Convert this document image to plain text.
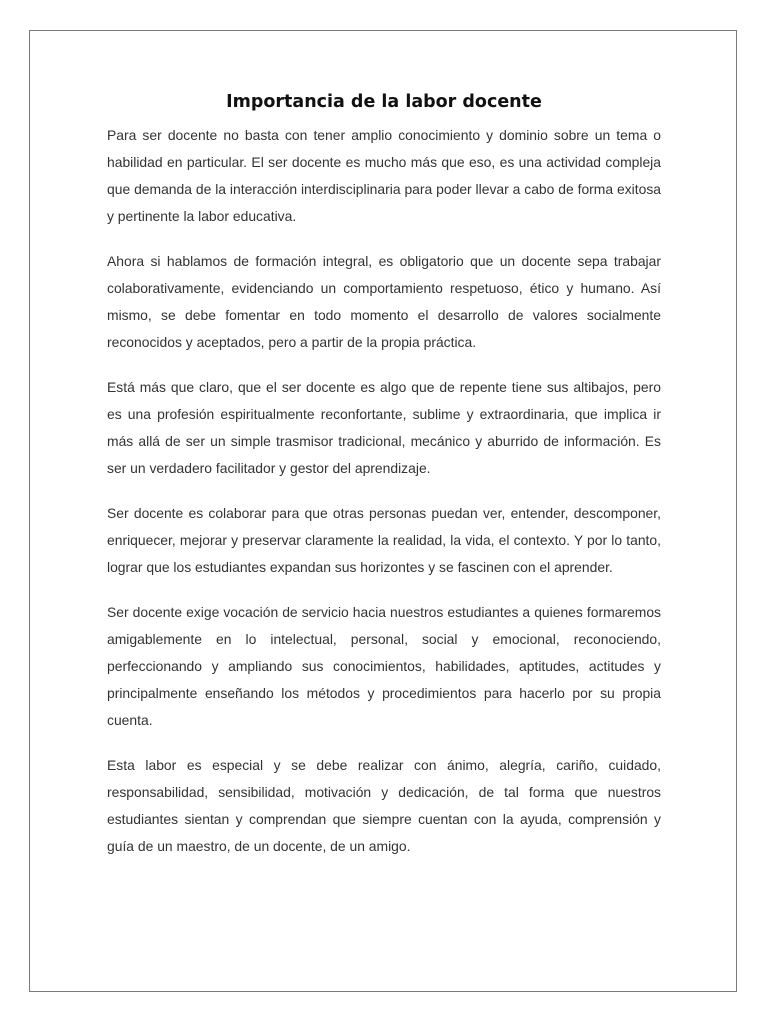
Importancia de la labor docente

Para ser docente no basta con tener amplio conocimiento y dominio sobre un tema o habilidad en particular. El ser docente es mucho más que eso, es una actividad compleja que demanda de la interacción interdisciplinaria para poder llevar a cabo de forma exitosa y pertinente la labor educativa.

Ahora si hablamos de formación integral, es obligatorio que un docente sepa trabajar colaborativamente, evidenciando un comportamiento respetuoso, ético y humano. Así mismo, se debe fomentar en todo momento el desarrollo de valores socialmente reconocidos y aceptados, pero a partir de la propia práctica.

Está más que claro, que el ser docente es algo que de repente tiene sus altibajos, pero es una profesión espiritualmente reconfortante, sublime y extraordinaria, que implica ir más allá de ser un simple trasmisor tradicional, mecánico y aburrido de información. Es ser un verdadero facilitador y gestor del aprendizaje.

Ser docente es colaborar para que otras personas puedan ver, entender, descomponer, enriquecer, mejorar y preservar claramente la realidad, la vida, el contexto. Y por lo tanto, lograr que los estudiantes expandan sus horizontes y se fascinen con el aprender.

Ser docente exige vocación de servicio hacia nuestros estudiantes a quienes formaremos amigablemente en lo intelectual, personal, social y emocional, reconociendo, perfeccionando y ampliando sus conocimientos, habilidades, aptitudes, actitudes y principalmente enseñando los métodos y procedimientos para hacerlo por su propia cuenta.

Esta labor es especial y se debe realizar con ánimo, alegría, cariño, cuidado, responsabilidad, sensibilidad, motivación y dedicación, de tal forma que nuestros estudiantes sientan y comprendan que siempre cuentan con la ayuda, comprensión y guía de un maestro, de un docente, de un amigo.
